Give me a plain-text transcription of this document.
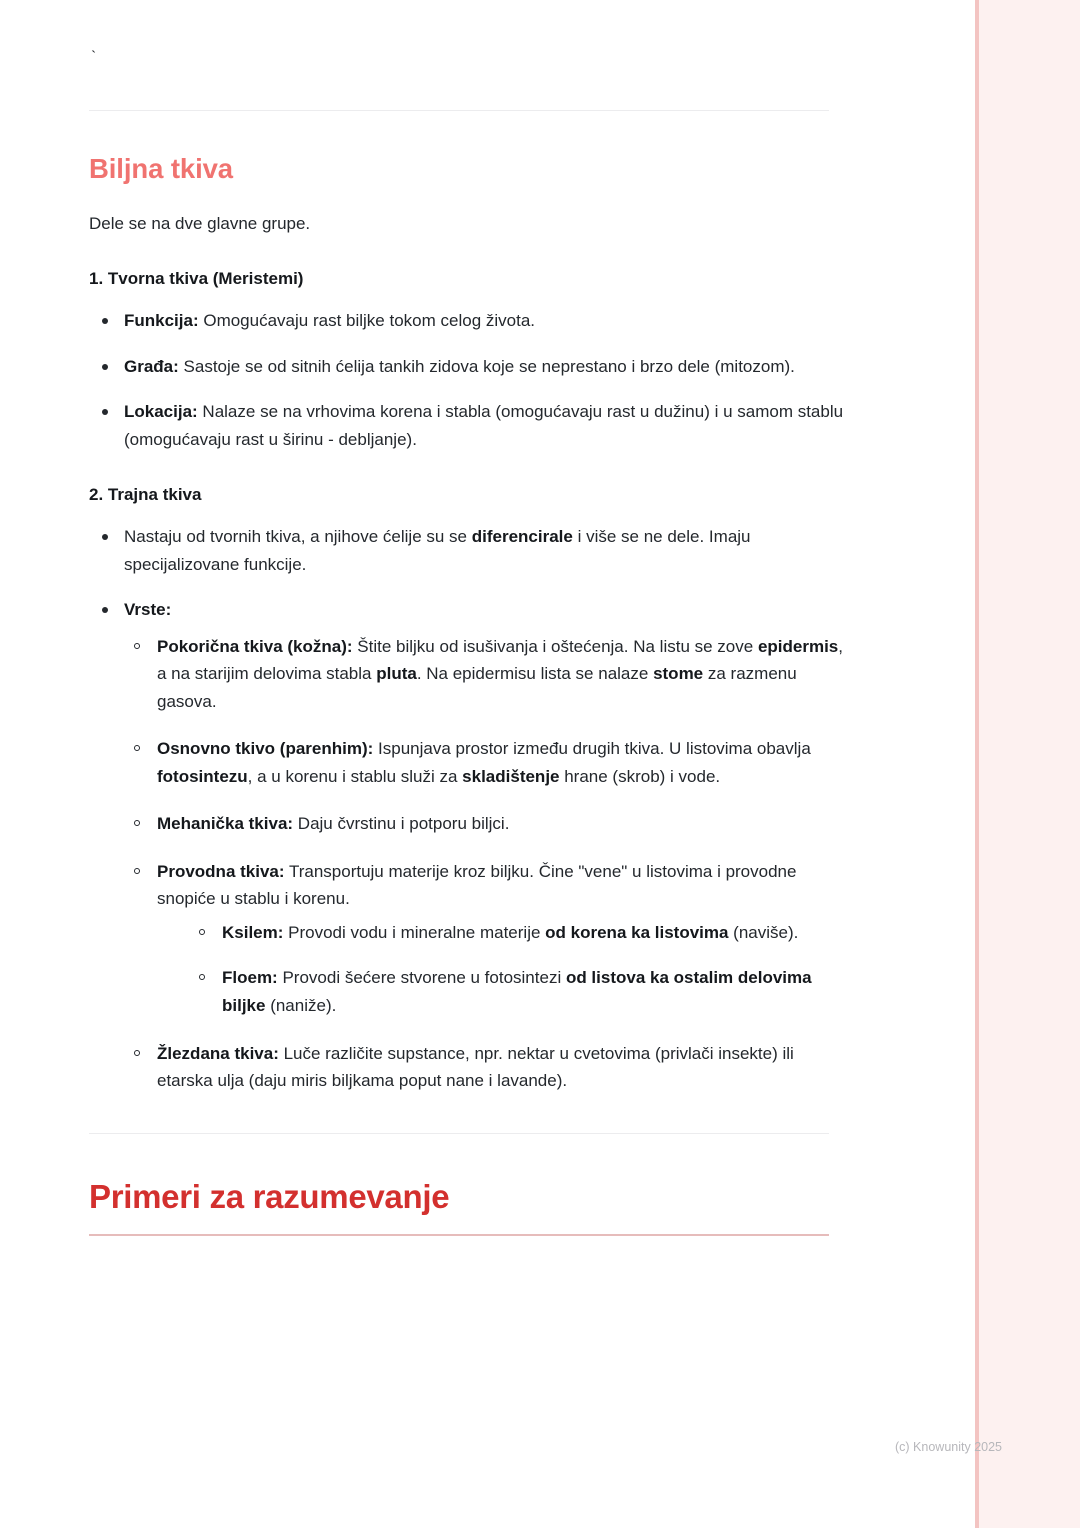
`
Biljna tkiva

Dele se na dve glavne grupe.

1. Tvorna tkiva (Meristemi)
Funkcija: Omogućavaju rast biljke tokom celog života.
Građa: Sastoje se od sitnih ćelija tankih zidova koje se neprestano i brzo dele (mitozom).
Lokacija: Nalaze se na vrhovima korena i stabla (omogućavaju rast u dužinu) i u samom stablu (omogućavaju rast u širinu - debljanje).
2. Trajna tkiva
Nastaju od tvornih tkiva, a njihove ćelije su se diferencirale i više se ne dele. Imaju specijalizovane funkcije.
Vrste:
Pokorična tkiva (kožna): Štite biljku od isušivanja i oštećenja. Na listu se zove epidermis, a na starijim delovima stabla pluta. Na epidermisu lista se nalaze stome za razmenu gasova.
Osnovno tkivo (parenhim): Ispunjava prostor između drugih tkiva. U listovima obavlja fotosintezu, a u korenu i stablu služi za skladištenje hrane (skrob) i vode.
Mehanička tkiva: Daju čvrstinu i potporu biljci.
Provodna tkiva: Transportuju materije kroz biljku. Čine "vene" u listovima i provodne snopiće u stablu i korenu.
Ksilem: Provodi vodu i mineralne materije od korena ka listovima (naviše).
Floem: Provodi šećere stvorene u fotosintezi od listova ka ostalim delovima biljke (naniže).
Žlezdana tkiva: Luče različite supstance, npr. nektar u cvetovima (privlači insekte) ili etarska ulja (daju miris biljkama poput nane i lavande).
Primeri za razumevanje
(c) Knowunity 2025
